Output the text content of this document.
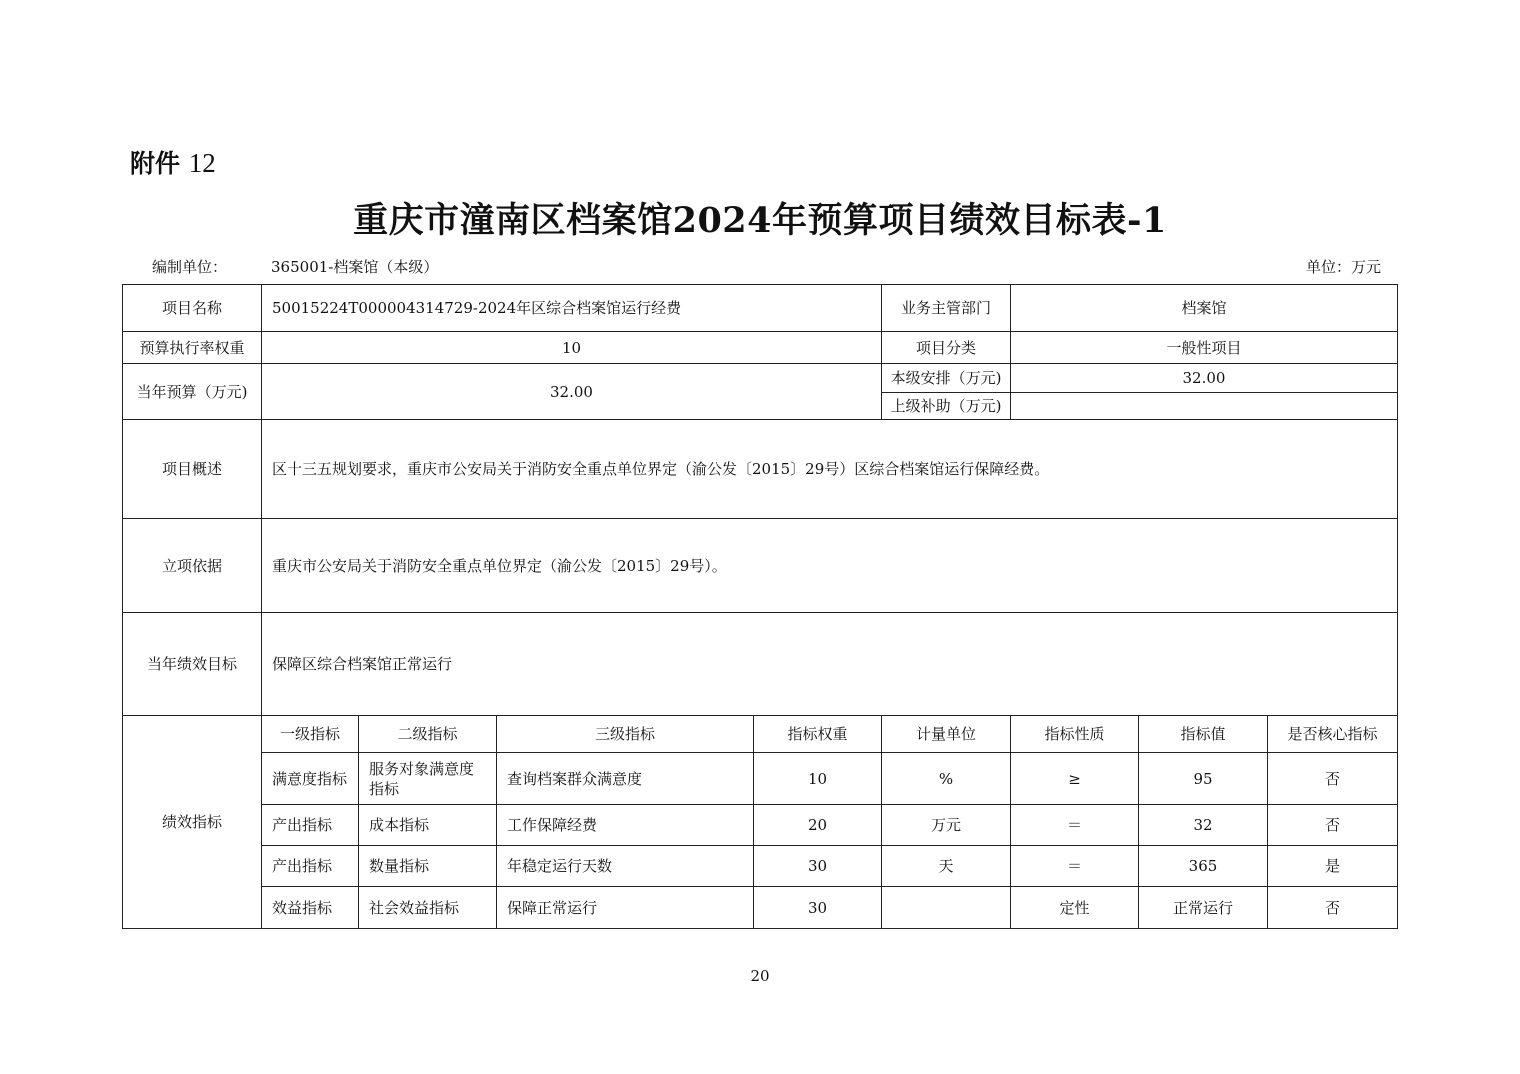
附件 12
重庆市潼南区档案馆2024年预算项目绩效目标表-1
编制单位：	365001-档案馆（本级）	单位：万元
项目名称	50015224T000004314729-2024年区综合档案馆运行经费				业务主管部门	档案馆		
预算执行率权重	10				项目分类	一般性项目		
当年预算（万元)	32.00				本级安排（万元)	32.00		
					上级补助（万元)			
项目概述	区十三五规划要求，重庆市公安局关于消防安全重点单位界定（渝公发〔2015〕29号）区综合档案馆运行保障经费。							
立项依据	重庆市公安局关于消防安全重点单位界定（渝公发〔2015〕29号）。							
当年绩效目标	保障区综合档案馆正常运行							
绩效指标	一级指标	二级指标	三级指标	指标权重	计量单位	指标性质	指标值	是否核心指标
	满意度指标	服务对象满意度指标	查询档案群众满意度	10	%	≥	95	否
	产出指标	成本指标	工作保障经费	20	万元	＝	32	否
	产出指标	数量指标	年稳定运行天数	30	天	＝	365	是
	效益指标	社会效益指标	保障正常运行	30		定性	正常运行	否
20
